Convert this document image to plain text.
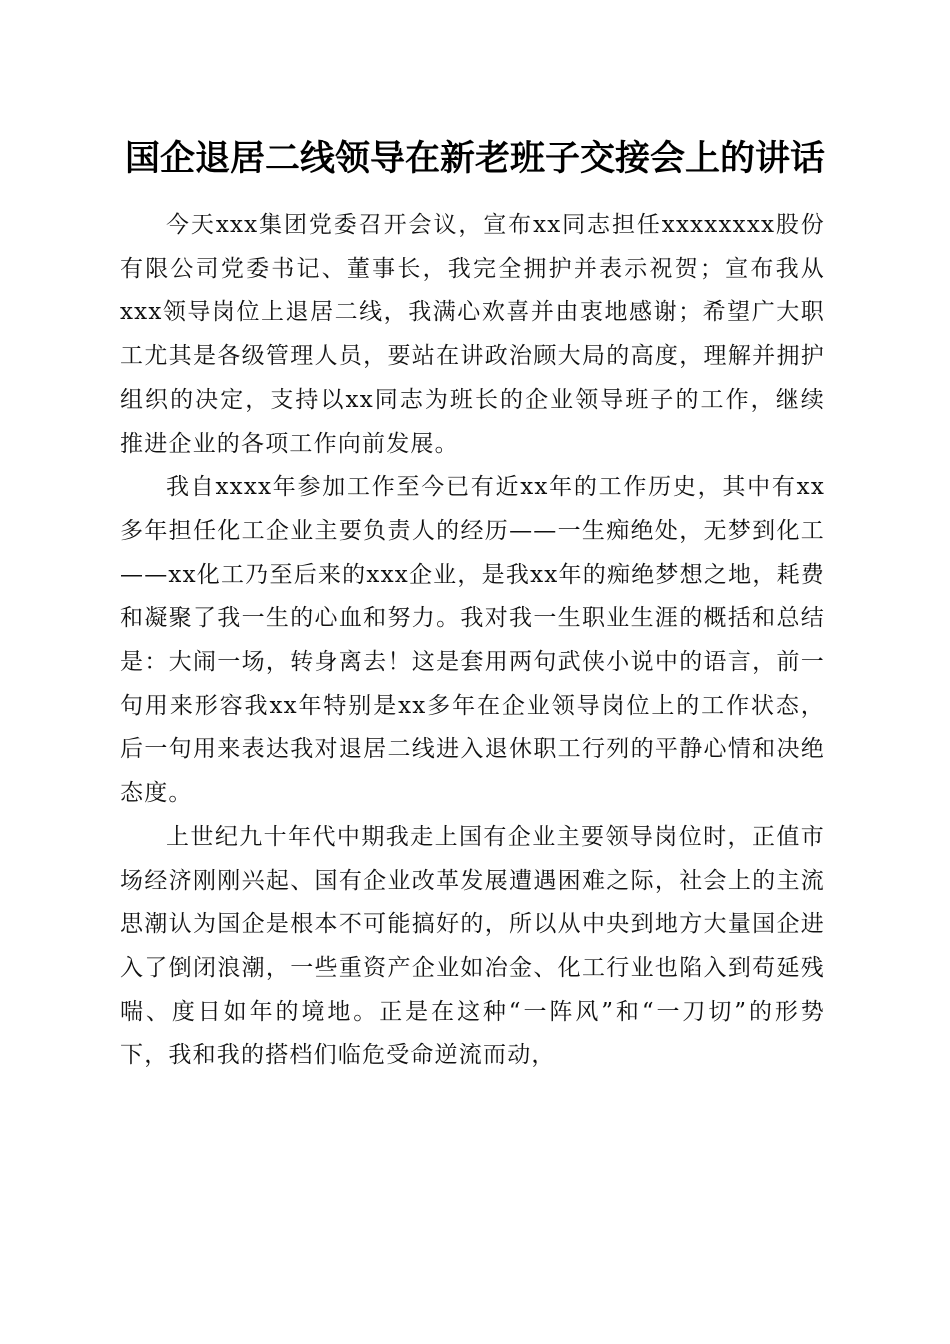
国企退居二线领导在新老班子交接会上的讲话

今天xxx集团党委召开会议，宣布xx同志担任xxxxxxxx股份有限公司党委书记、董事长，我完全拥护并表示祝贺；宣布我从xxx领导岗位上退居二线，我满心欢喜并由衷地感谢；希望广大职工尤其是各级管理人员，要站在讲政治顾大局的高度，理解并拥护组织的决定，支持以xx同志为班长的企业领导班子的工作，继续推进企业的各项工作向前发展。

我自xxxx年参加工作至今已有近xx年的工作历史，其中有xx多年担任化工企业主要负责人的经历——一生痴绝处，无梦到化工——xx化工乃至后来的xxx企业，是我xx年的痴绝梦想之地，耗费和凝聚了我一生的心血和努力。我对我一生职业生涯的概括和总结是：大闹一场，转身离去！这是套用两句武侠小说中的语言，前一句用来形容我xx年特别是xx多年在企业领导岗位上的工作状态，后一句用来表达我对退居二线进入退休职工行列的平静心情和决绝态度。

上世纪九十年代中期我走上国有企业主要领导岗位时，正值市场经济刚刚兴起、国有企业改革发展遭遇困难之际，社会上的主流思潮认为国企是根本不可能搞好的，所以从中央到地方大量国企进入了倒闭浪潮，一些重资产企业如冶金、化工行业也陷入到苟延残喘、度日如年的境地。正是在这种“一阵风”和“一刀切”的形势下，我和我的搭档们临危受命逆流而动，
